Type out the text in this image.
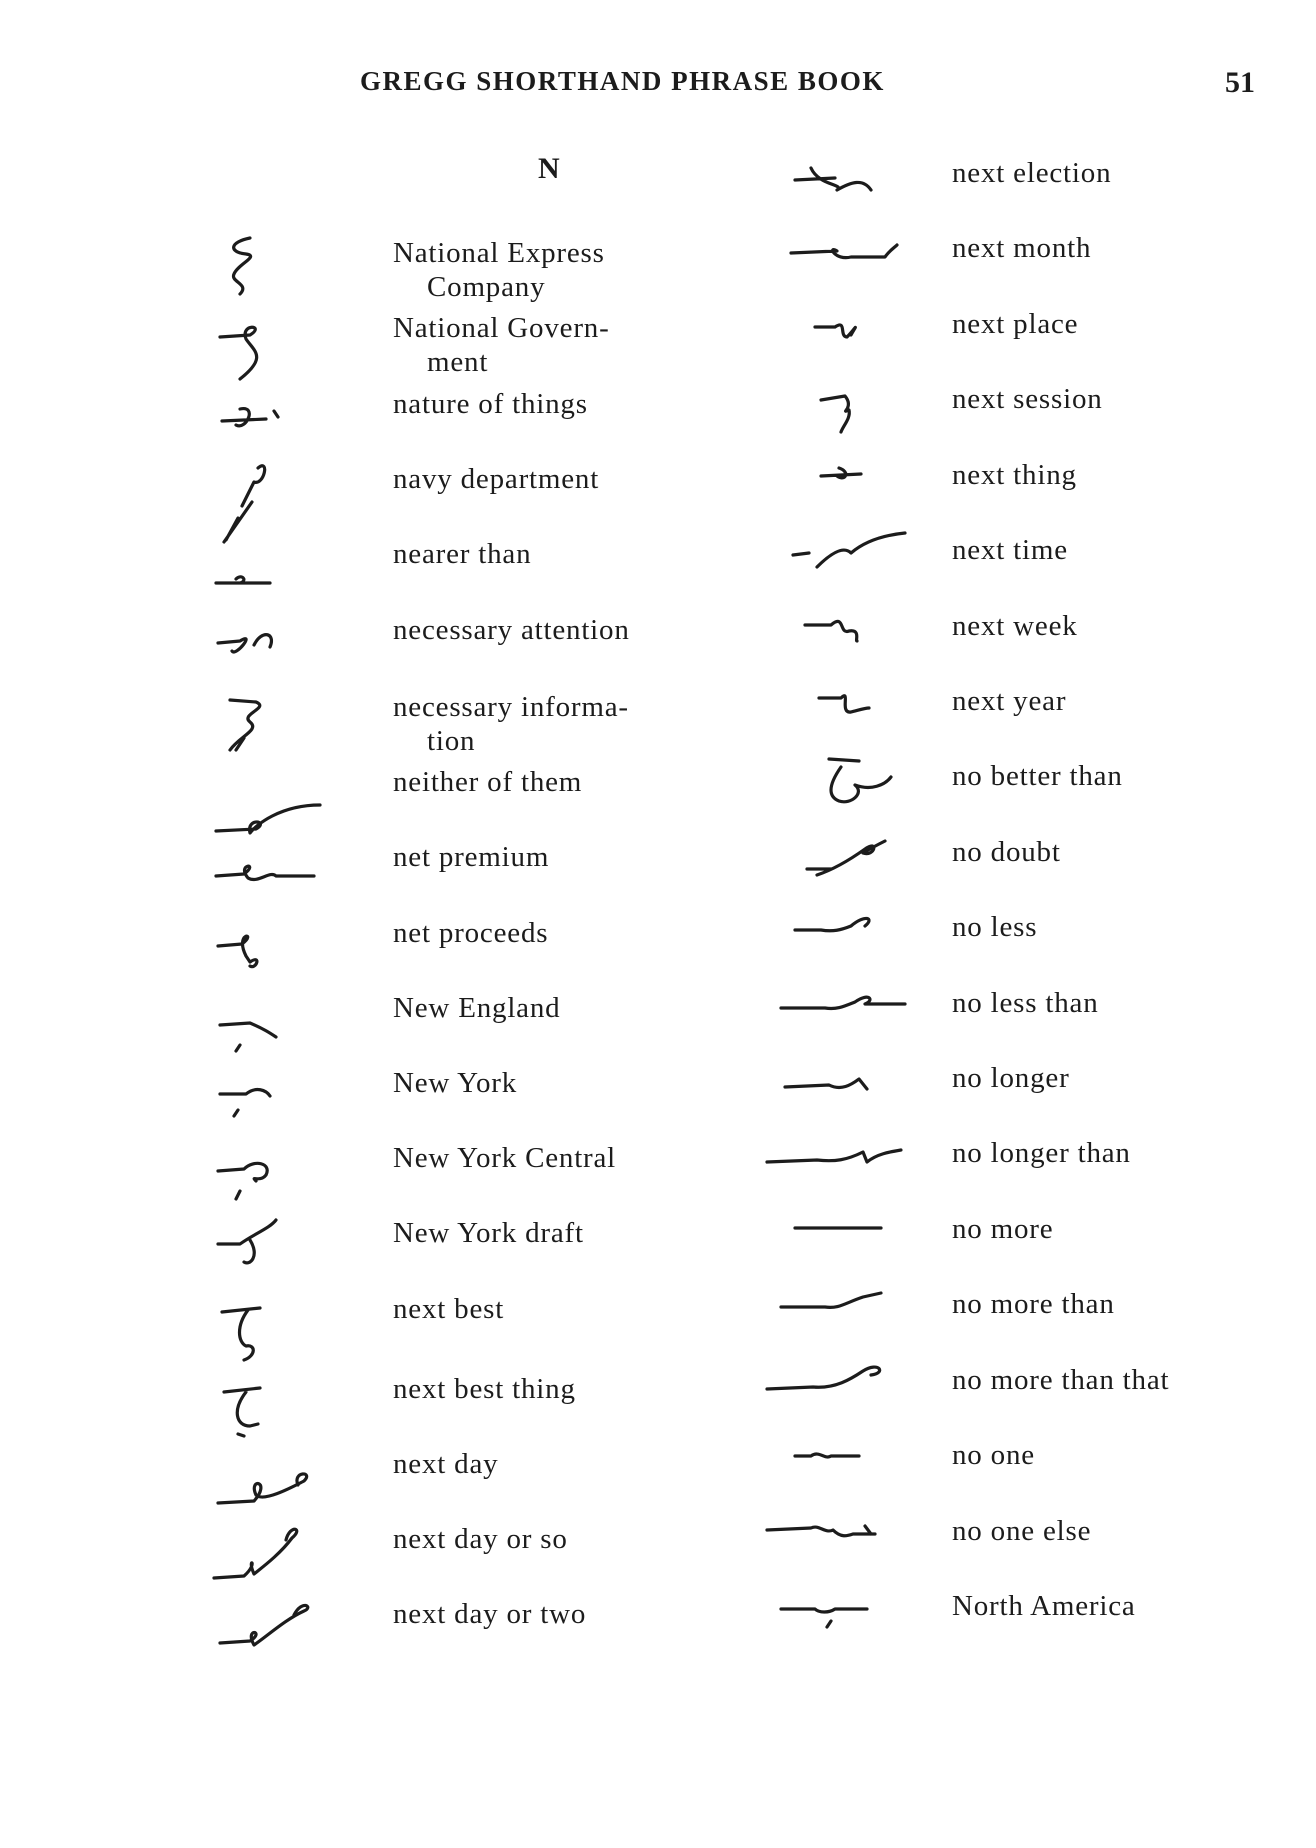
GREGG SHORTHAND PHRASE BOOK	51
N
National Express
Company
National Govern-
ment
nature of things
navy department
nearer than
necessary attention
necessary informa-
tion
neither of them
net premium
net proceeds
New England
New York
New York Central
New York draft
next best
next best thing
next day
next day or so
next day or two
next election
next month
next place
next session
next thing
next time
next week
next year
no better than
no doubt
no less
no less than
no longer
no longer than
no more
no more than
no more than that
no one
no one else
North America
